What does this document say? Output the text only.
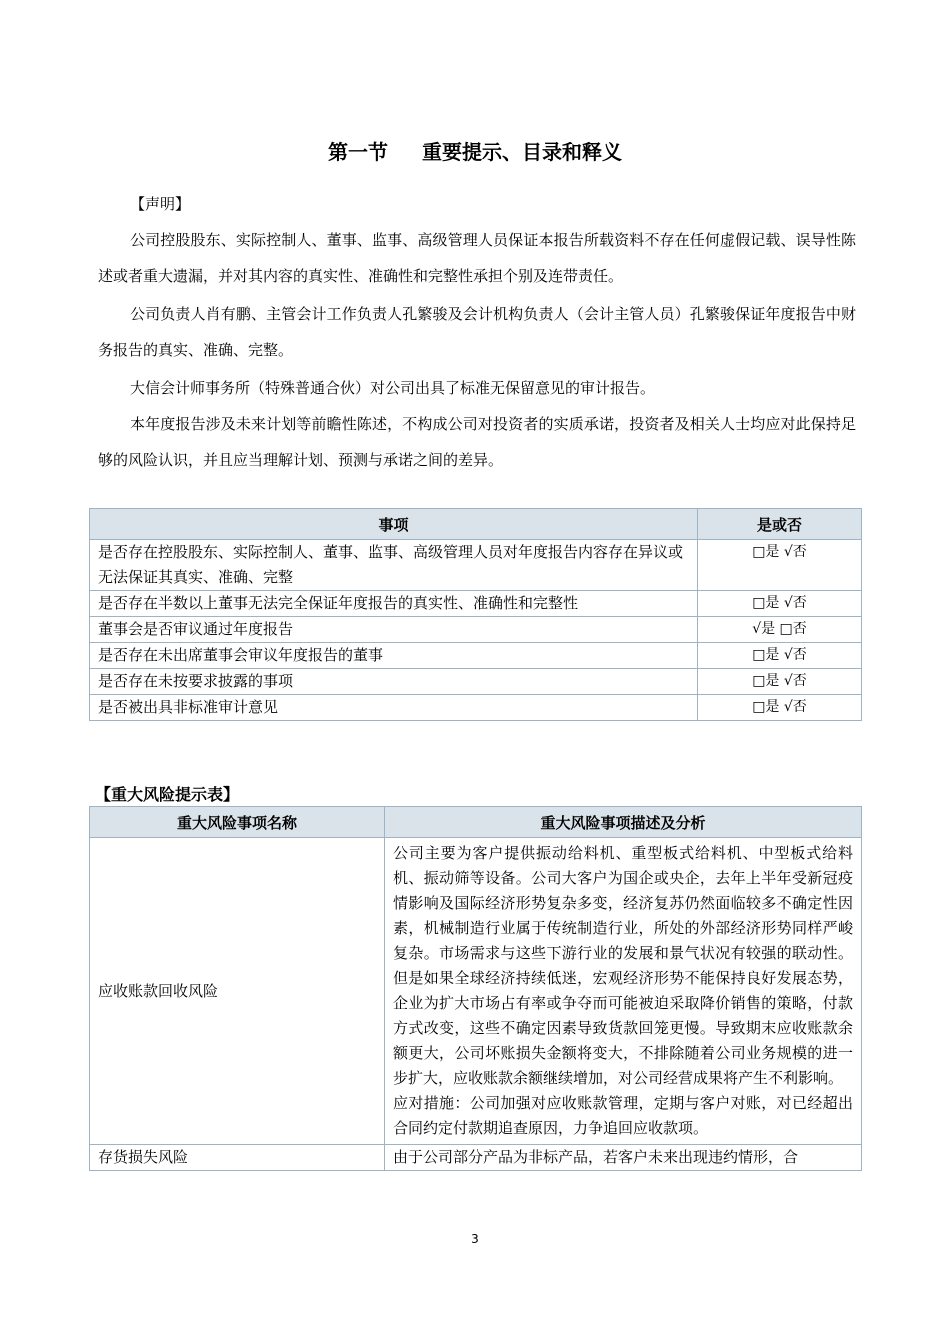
第一节 重要提示、目录和释义

【声明】

公司控股股东、实际控制人、董事、监事、高级管理人员保证本报告所载资料不存在任何虚假记载、误导性陈述或者重大遗漏，并对其内容的真实性、准确性和完整性承担个别及连带责任。

公司负责人肖有鹏、主管会计工作负责人孔繁骏及会计机构负责人（会计主管人员）孔繁骏保证年度报告中财务报告的真实、准确、完整。

大信会计师事务所（特殊普通合伙）对公司出具了标准无保留意见的审计报告。

本年度报告涉及未来计划等前瞻性陈述，不构成公司对投资者的实质承诺，投资者及相关人士均应对此保持足够的风险认识，并且应当理解计划、预测与承诺之间的差异。

事项	是或否
是否存在控股股东、实际控制人、董事、监事、高级管理人员对年度报告内容存在异议或无法保证其真实、准确、完整	□是 √否
是否存在半数以上董事无法完全保证年度报告的真实性、准确性和完整性	□是 √否
董事会是否审议通过年度报告	√是 □否
是否存在未出席董事会审议年度报告的董事	□是 √否
是否存在未按要求披露的事项	□是 √否
是否被出具非标准审计意见	□是 √否
【重大风险提示表】
重大风险事项名称	重大风险事项描述及分析
应收账款回收风险	公司主要为客户提供振动给料机、重型板式给料机、中型板式给料机、振动筛等设备。公司大客户为国企或央企，去年上半年受新冠疫情影响及国际经济形势复杂多变，经济复苏仍然面临较多不确定性因素，机械制造行业属于传统制造行业，所处的外部经济形势同样严峻复杂。市场需求与这些下游行业的发展和景气状况有较强的联动性。但是如果全球经济持续低迷，宏观经济形势不能保持良好发展态势，企业为扩大市场占有率或争夺而可能被迫采取降价销售的策略，付款方式改变，这些不确定因素导致货款回笼更慢。导致期末应收账款余额更大，公司坏账损失金额将变大，不排除随着公司业务规模的进一步扩大，应收账款余额继续增加，对公司经营成果将产生不利影响。
应对措施：公司加强对应收账款管理，定期与客户对账，对已经超出合同约定付款期追查原因，力争追回应收款项。

存货损失风险	由于公司部分产品为非标产品，若客户未来出现违约情形，合
3
